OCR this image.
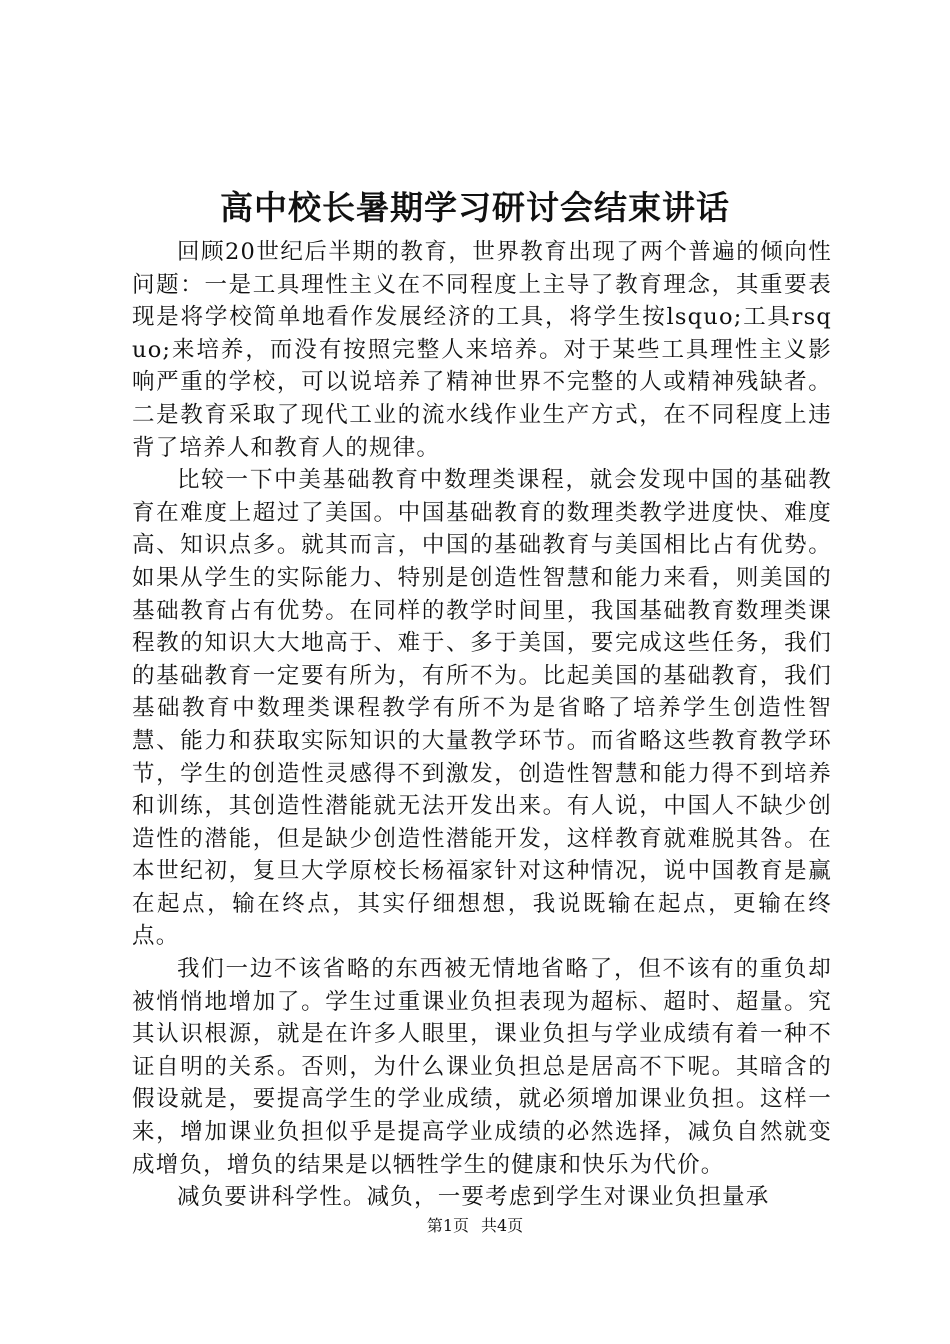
高中校长暑期学习研讨会结束讲话

回顾20世纪后半期的教育，世界教育出现了两个普遍的倾向性问题：一是工具理性主义在不同程度上主导了教育理念，其重要表现是将学校简单地看作发展经济的工具，将学生按lsquo;工具rsquo;来培养，而没有按照完整人来培养。对于某些工具理性主义影响严重的学校，可以说培养了精神世界不完整的人或精神残缺者。二是教育采取了现代工业的流水线作业生产方式，在不同程度上违背了培养人和教育人的规律。

比较一下中美基础教育中数理类课程，就会发现中国的基础教育在难度上超过了美国。中国基础教育的数理类教学进度快、难度高、知识点多。就其而言，中国的基础教育与美国相比占有优势。如果从学生的实际能力、特别是创造性智慧和能力来看，则美国的基础教育占有优势。在同样的教学时间里，我国基础教育数理类课程教的知识大大地高于、难于、多于美国，要完成这些任务，我们的基础教育一定要有所为，有所不为。比起美国的基础教育，我们基础教育中数理类课程教学有所不为是省略了培养学生创造性智慧、能力和获取实际知识的大量教学环节。而省略这些教育教学环节，学生的创造性灵感得不到激发，创造性智慧和能力得不到培养和训练，其创造性潜能就无法开发出来。有人说，中国人不缺少创造性的潜能，但是缺少创造性潜能开发，这样教育就难脱其咎。在本世纪初，复旦大学原校长杨福家针对这种情况，说中国教育是赢在起点，输在终点，其实仔细想想，我说既输在起点，更输在终点。

我们一边不该省略的东西被无情地省略了，但不该有的重负却被悄悄地增加了。学生过重课业负担表现为超标、超时、超量。究其认识根源，就是在许多人眼里，课业负担与学业成绩有着一种不证自明的关系。否则，为什么课业负担总是居高不下呢。其暗含的假设就是，要提高学生的学业成绩，就必须增加课业负担。这样一来，增加课业负担似乎是提高学业成绩的必然选择，减负自然就变成增负，增负的结果是以牺牲学生的健康和快乐为代价。

减负要讲科学性。减负，一要考虑到学生对课业负担量承

第1页 共4页
